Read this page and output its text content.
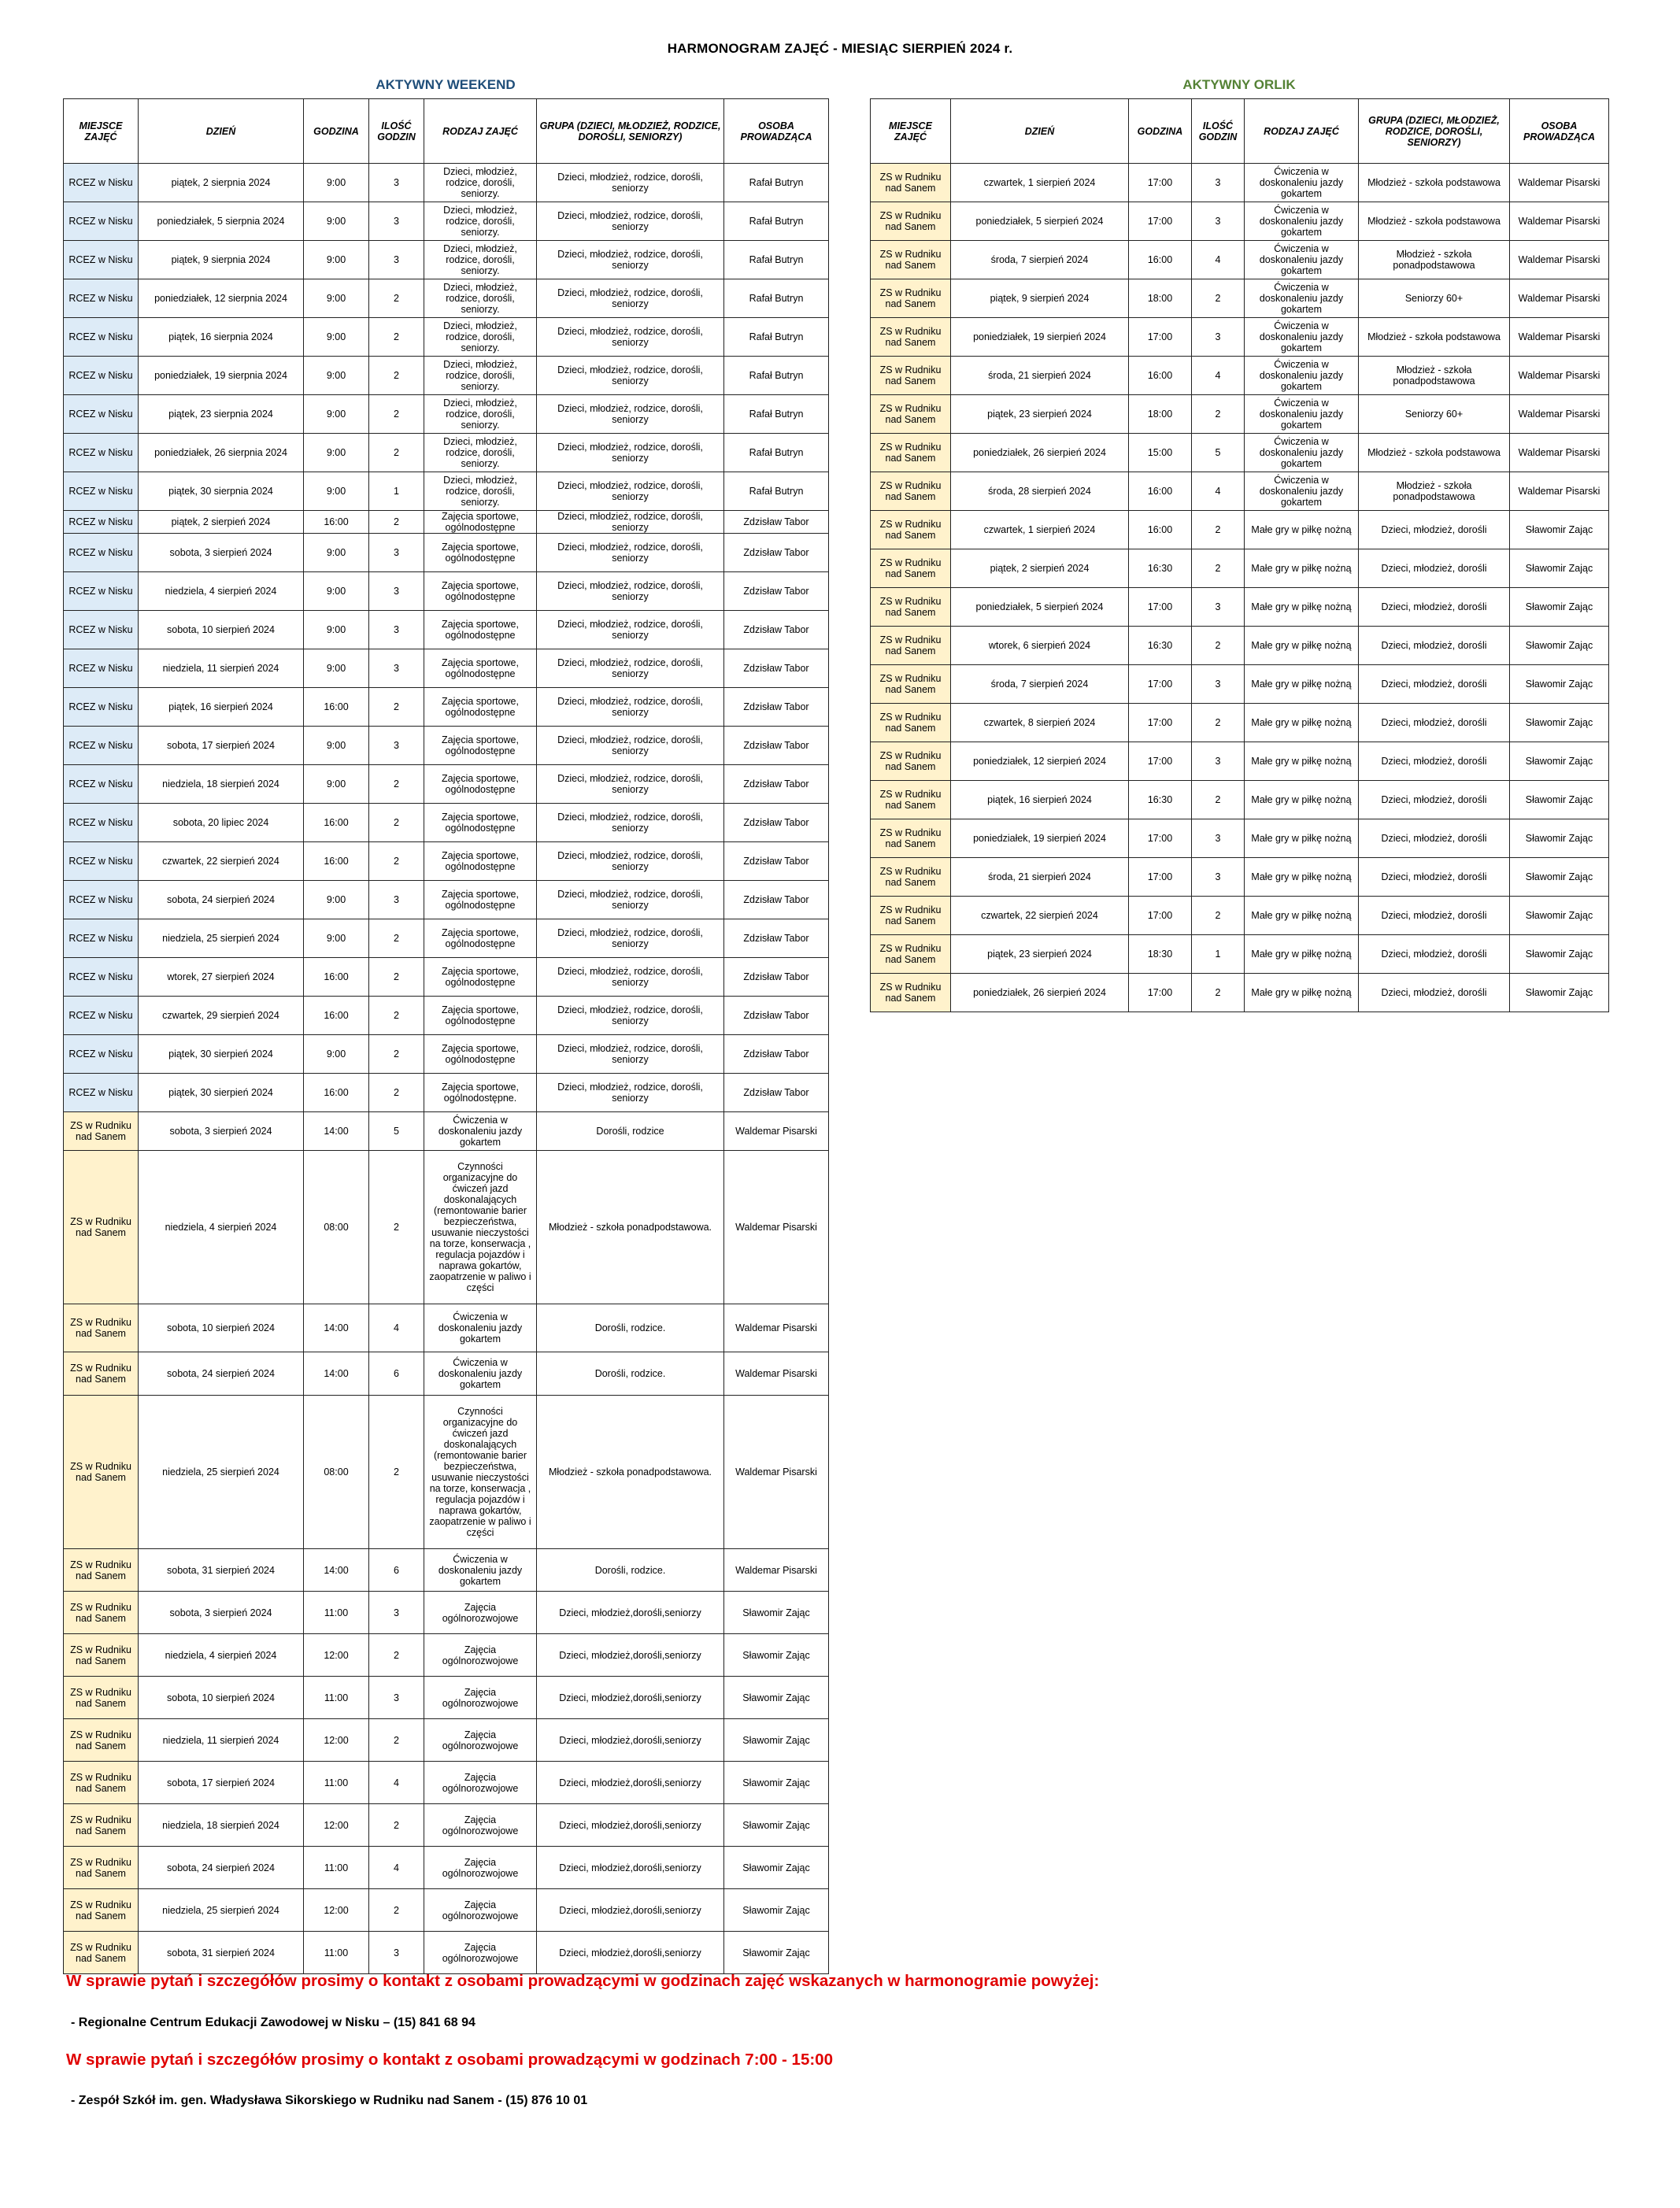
HARMONOGRAM ZAJĘĆ - MIESIĄC SIERPIEŃ 2024 r.
AKTYWNY WEEKEND	AKTYWNY ORLIK
MIEJSCE ZAJĘĆ	DZIEŃ	GODZINA	ILOŚĆ GODZIN	RODZAJ ZAJĘĆ	GRUPA (DZIECI, MŁODZIEŻ, RODZICE, DOROŚLI, SENIORZY)	OSOBA PROWADZĄCA
RCEZ w Nisku	piątek, 2 sierpnia 2024	9:00	3	Dzieci, młodzież, rodzice, dorośli, seniorzy.	Dzieci, młodzież, rodzice, dorośli, seniorzy	Rafał Butryn
RCEZ w Nisku	poniedziałek, 5 sierpnia 2024	9:00	3	Dzieci, młodzież, rodzice, dorośli, seniorzy.	Dzieci, młodzież, rodzice, dorośli, seniorzy	Rafał Butryn
RCEZ w Nisku	piątek, 9 sierpnia 2024	9:00	3	Dzieci, młodzież, rodzice, dorośli, seniorzy.	Dzieci, młodzież, rodzice, dorośli, seniorzy	Rafał Butryn
RCEZ w Nisku	poniedziałek, 12 sierpnia 2024	9:00	2	Dzieci, młodzież, rodzice, dorośli, seniorzy.	Dzieci, młodzież, rodzice, dorośli, seniorzy	Rafał Butryn
RCEZ w Nisku	piątek, 16 sierpnia 2024	9:00	2	Dzieci, młodzież, rodzice, dorośli, seniorzy.	Dzieci, młodzież, rodzice, dorośli, seniorzy	Rafał Butryn
RCEZ w Nisku	poniedziałek, 19 sierpnia 2024	9:00	2	Dzieci, młodzież, rodzice, dorośli, seniorzy.	Dzieci, młodzież, rodzice, dorośli, seniorzy	Rafał Butryn
RCEZ w Nisku	piątek, 23 sierpnia 2024	9:00	2	Dzieci, młodzież, rodzice, dorośli, seniorzy.	Dzieci, młodzież, rodzice, dorośli, seniorzy	Rafał Butryn
RCEZ w Nisku	poniedziałek, 26 sierpnia 2024	9:00	2	Dzieci, młodzież, rodzice, dorośli, seniorzy.	Dzieci, młodzież, rodzice, dorośli, seniorzy	Rafał Butryn
RCEZ w Nisku	piątek, 30 sierpnia 2024	9:00	1	Dzieci, młodzież, rodzice, dorośli, seniorzy.	Dzieci, młodzież, rodzice, dorośli, seniorzy	Rafał Butryn
RCEZ w Nisku	piątek, 2 sierpień 2024	16:00	2	Zajęcia sportowe, ogólnodostępne	Dzieci, młodzież, rodzice, dorośli, seniorzy	Zdzisław Tabor
RCEZ w Nisku	sobota, 3 sierpień 2024	9:00	3	Zajęcia sportowe, ogólnodostępne	Dzieci, młodzież, rodzice, dorośli, seniorzy	Zdzisław Tabor
RCEZ w Nisku	niedziela, 4 sierpień 2024	9:00	3	Zajęcia sportowe, ogólnodostępne	Dzieci, młodzież, rodzice, dorośli, seniorzy	Zdzisław Tabor
RCEZ w Nisku	sobota, 10 sierpień 2024	9:00	3	Zajęcia sportowe, ogólnodostępne	Dzieci, młodzież, rodzice, dorośli, seniorzy	Zdzisław Tabor
RCEZ w Nisku	niedziela, 11 sierpień 2024	9:00	3	Zajęcia sportowe, ogólnodostępne	Dzieci, młodzież, rodzice, dorośli, seniorzy	Zdzisław Tabor
RCEZ w Nisku	piątek, 16 sierpień 2024	16:00	2	Zajęcia sportowe, ogólnodostępne	Dzieci, młodzież, rodzice, dorośli, seniorzy	Zdzisław Tabor
RCEZ w Nisku	sobota, 17 sierpień 2024	9:00	3	Zajęcia sportowe, ogólnodostępne	Dzieci, młodzież, rodzice, dorośli, seniorzy	Zdzisław Tabor
RCEZ w Nisku	niedziela, 18 sierpień 2024	9:00	2	Zajęcia sportowe, ogólnodostępne	Dzieci, młodzież, rodzice, dorośli, seniorzy	Zdzisław Tabor
RCEZ w Nisku	sobota, 20 lipiec 2024	16:00	2	Zajęcia sportowe, ogólnodostępne	Dzieci, młodzież, rodzice, dorośli, seniorzy	Zdzisław Tabor
RCEZ w Nisku	czwartek, 22 sierpień 2024	16:00	2	Zajęcia sportowe, ogólnodostępne	Dzieci, młodzież, rodzice, dorośli, seniorzy	Zdzisław Tabor
RCEZ w Nisku	sobota, 24 sierpień 2024	9:00	3	Zajęcia sportowe, ogólnodostępne	Dzieci, młodzież, rodzice, dorośli, seniorzy	Zdzisław Tabor
RCEZ w Nisku	niedziela, 25 sierpień 2024	9:00	2	Zajęcia sportowe, ogólnodostępne	Dzieci, młodzież, rodzice, dorośli, seniorzy	Zdzisław Tabor
RCEZ w Nisku	wtorek, 27 sierpień 2024	16:00	2	Zajęcia sportowe, ogólnodostępne	Dzieci, młodzież, rodzice, dorośli, seniorzy	Zdzisław Tabor
RCEZ w Nisku	czwartek, 29 sierpień 2024	16:00	2	Zajęcia sportowe, ogólnodostępne	Dzieci, młodzież, rodzice, dorośli, seniorzy	Zdzisław Tabor
RCEZ w Nisku	piątek, 30 sierpień 2024	9:00	2	Zajęcia sportowe, ogólnodostępne	Dzieci, młodzież, rodzice, dorośli, seniorzy	Zdzisław Tabor
RCEZ w Nisku	piątek, 30 sierpień 2024	16:00	2	Zajęcia sportowe, ogólnodostępne.	Dzieci, młodzież, rodzice, dorośli, seniorzy	Zdzisław Tabor
ZS w Rudniku nad Sanem	sobota, 3 sierpień 2024	14:00	5	Ćwiczenia w doskonaleniu jazdy gokartem	Dorośli, rodzice	Waldemar Pisarski
ZS w Rudniku nad Sanem	niedziela, 4 sierpień 2024	08:00	2	Czynności organizacyjne do ćwiczeń jazd doskonalających (remontowanie barier bezpieczeństwa, usuwanie nieczystości na torze, konserwacja , regulacja pojazdów i naprawa gokartów, zaopatrzenie w paliwo i części	Młodzież - szkoła ponadpodstawowa.	Waldemar Pisarski
ZS w Rudniku nad Sanem	sobota, 10 sierpień 2024	14:00	4	Ćwiczenia w doskonaleniu jazdy gokartem	Dorośli, rodzice.	Waldemar Pisarski
ZS w Rudniku nad Sanem	sobota, 24 sierpień 2024	14:00	6	Ćwiczenia w doskonaleniu jazdy gokartem	Dorośli, rodzice.	Waldemar Pisarski
ZS w Rudniku nad Sanem	niedziela, 25 sierpień 2024	08:00	2	Czynności organizacyjne do ćwiczeń jazd doskonalających (remontowanie barier bezpieczeństwa, usuwanie nieczystości na torze, konserwacja , regulacja pojazdów i naprawa gokartów, zaopatrzenie w paliwo i części	Młodzież - szkoła ponadpodstawowa.	Waldemar Pisarski
ZS w Rudniku nad Sanem	sobota, 31 sierpień 2024	14:00	6	Ćwiczenia w doskonaleniu jazdy gokartem	Dorośli, rodzice.	Waldemar Pisarski
ZS w Rudniku nad Sanem	sobota, 3 sierpień 2024	11:00	3	Zajęcia ogólnorozwojowe	Dzieci, młodzież,dorośli,seniorzy	Sławomir Zając
ZS w Rudniku nad Sanem	niedziela, 4 sierpień 2024	12:00	2	Zajęcia ogólnorozwojowe	Dzieci, młodzież,dorośli,seniorzy	Sławomir Zając
ZS w Rudniku nad Sanem	sobota, 10 sierpień 2024	11:00	3	Zajęcia ogólnorozwojowe	Dzieci, młodzież,dorośli,seniorzy	Sławomir Zając
ZS w Rudniku nad Sanem	niedziela, 11 sierpień 2024	12:00	2	Zajęcia ogólnorozwojowe	Dzieci, młodzież,dorośli,seniorzy	Sławomir Zając
ZS w Rudniku nad Sanem	sobota, 17 sierpień 2024	11:00	4	Zajęcia ogólnorozwojowe	Dzieci, młodzież,dorośli,seniorzy	Sławomir Zając
ZS w Rudniku nad Sanem	niedziela, 18 sierpień 2024	12:00	2	Zajęcia ogólnorozwojowe	Dzieci, młodzież,dorośli,seniorzy	Sławomir Zając
ZS w Rudniku nad Sanem	sobota, 24 sierpień 2024	11:00	4	Zajęcia ogólnorozwojowe	Dzieci, młodzież,dorośli,seniorzy	Sławomir Zając
ZS w Rudniku nad Sanem	niedziela, 25 sierpień 2024	12:00	2	Zajęcia ogólnorozwojowe	Dzieci, młodzież,dorośli,seniorzy	Sławomir Zając
ZS w Rudniku nad Sanem	sobota, 31 sierpień 2024	11:00	3	Zajęcia ogólnorozwojowe	Dzieci, młodzież,dorośli,seniorzy	Sławomir Zając
MIEJSCE ZAJĘĆ	DZIEŃ	GODZINA	ILOŚĆ GODZIN	RODZAJ ZAJĘĆ	GRUPA (DZIECI, MŁODZIEŻ, RODZICE, DOROŚLI, SENIORZY)	OSOBA PROWADZĄCA
ZS w Rudniku nad Sanem	czwartek, 1 sierpień 2024	17:00	3	Ćwiczenia w doskonaleniu jazdy gokartem	Młodzież - szkoła podstawowa	Waldemar Pisarski
ZS w Rudniku nad Sanem	poniedziałek, 5 sierpień 2024	17:00	3	Ćwiczenia w doskonaleniu jazdy gokartem	Młodzież - szkoła podstawowa	Waldemar Pisarski
ZS w Rudniku nad Sanem	środa, 7 sierpień 2024	16:00	4	Ćwiczenia w doskonaleniu jazdy gokartem	Młodzież - szkoła ponadpodstawowa	Waldemar Pisarski
ZS w Rudniku nad Sanem	piątek, 9 sierpień 2024	18:00	2	Ćwiczenia w doskonaleniu jazdy gokartem	Seniorzy 60+	Waldemar Pisarski
ZS w Rudniku nad Sanem	poniedziałek, 19 sierpień 2024	17:00	3	Ćwiczenia w doskonaleniu jazdy gokartem	Młodzież - szkoła podstawowa	Waldemar Pisarski
ZS w Rudniku nad Sanem	środa, 21 sierpień 2024	16:00	4	Ćwiczenia w doskonaleniu jazdy gokartem	Młodzież - szkoła ponadpodstawowa	Waldemar Pisarski
ZS w Rudniku nad Sanem	piątek, 23 sierpień 2024	18:00	2	Ćwiczenia w doskonaleniu jazdy gokartem	Seniorzy 60+	Waldemar Pisarski
ZS w Rudniku nad Sanem	poniedziałek, 26 sierpień 2024	15:00	5	Ćwiczenia w doskonaleniu jazdy gokartem	Młodzież - szkoła podstawowa	Waldemar Pisarski
ZS w Rudniku nad Sanem	środa, 28 sierpień 2024	16:00	4	Ćwiczenia w doskonaleniu jazdy gokartem	Młodzież - szkoła ponadpodstawowa	Waldemar Pisarski
ZS w Rudniku nad Sanem	czwartek, 1 sierpień 2024	16:00	2	Małe gry w piłkę nożną	Dzieci, młodzież, dorośli	Sławomir Zając
ZS w Rudniku nad Sanem	piątek, 2 sierpień 2024	16:30	2	Małe gry w piłkę nożną	Dzieci, młodzież, dorośli	Sławomir Zając
ZS w Rudniku nad Sanem	poniedziałek, 5 sierpień 2024	17:00	3	Małe gry w piłkę nożną	Dzieci, młodzież, dorośli	Sławomir Zając
ZS w Rudniku nad Sanem	wtorek, 6 sierpień 2024	16:30	2	Małe gry w piłkę nożną	Dzieci, młodzież, dorośli	Sławomir Zając
ZS w Rudniku nad Sanem	środa, 7 sierpień 2024	17:00	3	Małe gry w piłkę nożną	Dzieci, młodzież, dorośli	Sławomir Zając
ZS w Rudniku nad Sanem	czwartek, 8 sierpień 2024	17:00	2	Małe gry w piłkę nożną	Dzieci, młodzież, dorośli	Sławomir Zając
ZS w Rudniku nad Sanem	poniedziałek, 12 sierpień 2024	17:00	3	Małe gry w piłkę nożną	Dzieci, młodzież, dorośli	Sławomir Zając
ZS w Rudniku nad Sanem	piątek, 16 sierpień 2024	16:30	2	Małe gry w piłkę nożną	Dzieci, młodzież, dorośli	Sławomir Zając
ZS w Rudniku nad Sanem	poniedziałek, 19 sierpień 2024	17:00	3	Małe gry w piłkę nożną	Dzieci, młodzież, dorośli	Sławomir Zając
ZS w Rudniku nad Sanem	środa, 21 sierpień 2024	17:00	3	Małe gry w piłkę nożną	Dzieci, młodzież, dorośli	Sławomir Zając
ZS w Rudniku nad Sanem	czwartek, 22 sierpień 2024	17:00	2	Małe gry w piłkę nożną	Dzieci, młodzież, dorośli	Sławomir Zając
ZS w Rudniku nad Sanem	piątek, 23 sierpień 2024	18:30	1	Małe gry w piłkę nożną	Dzieci, młodzież, dorośli	Sławomir Zając
ZS w Rudniku nad Sanem	poniedziałek, 26 sierpień 2024	17:00	2	Małe gry w piłkę nożną	Dzieci, młodzież, dorośli	Sławomir Zając
W sprawie pytań i szczegółów prosimy o kontakt z osobami prowadzącymi w godzinach zajęć wskazanych w harmonogramie powyżej:
- Regionalne Centrum Edukacji Zawodowej w Nisku – (15) 841 68 94
W sprawie pytań i szczegółów prosimy o kontakt z osobami prowadzącymi w godzinach 7:00 - 15:00
- Zespół Szkół im. gen. Władysława Sikorskiego w Rudniku nad Sanem - (15) 876 10 01
